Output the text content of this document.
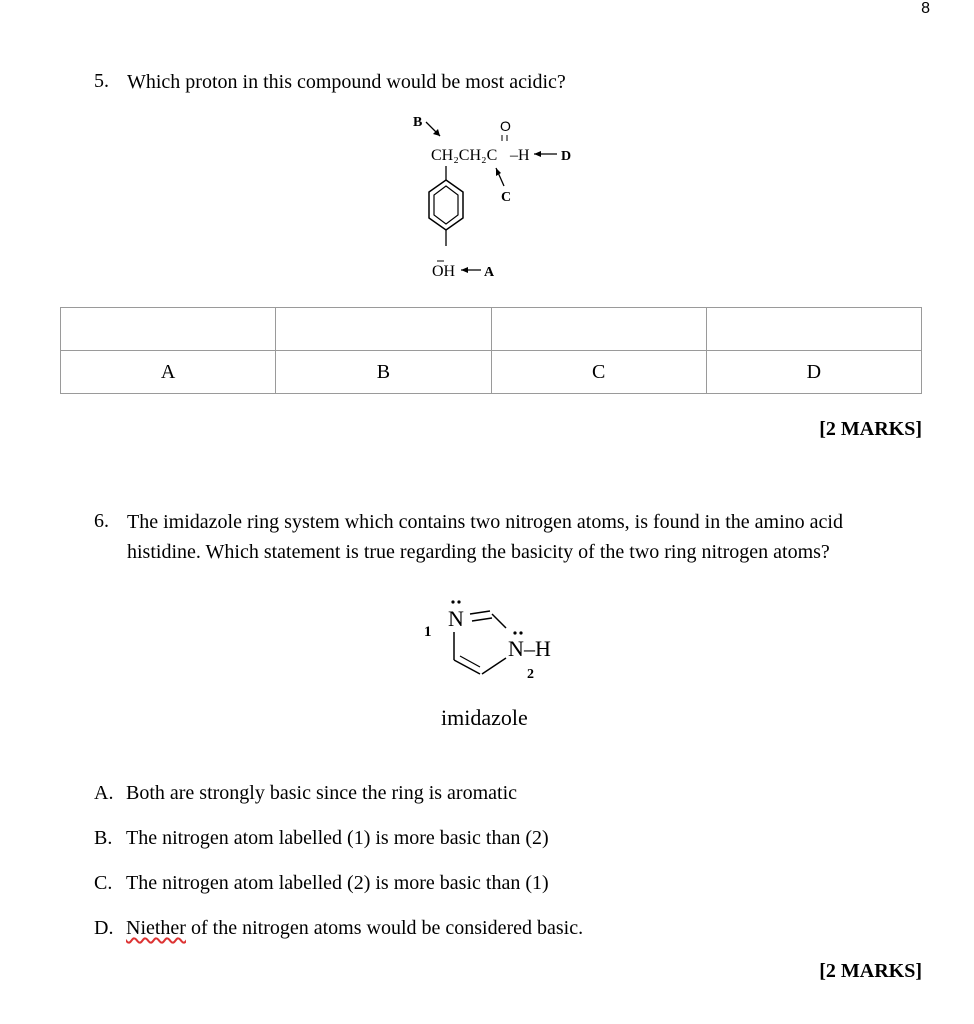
8
5. Which proton in this compound would be most acidic?
B	O
CH₂CH₂C –H D
C
OH A

A	B	C	D
[2 MARKS]
6. The imidazole ring system which contains two nitrogen atoms, is found in the amino acid
histidine. Which statement is true regarding the basicity of the two ring nitrogen atoms?
1
N
N –H
2
imidazole
A. Both are strongly basic since the ring is aromatic
B. The nitrogen atom labelled (1) is more basic than (2)
C. The nitrogen atom labelled (2) is more basic than (1)
D. Niether of the nitrogen atoms would be considered basic.
[2 MARKS]
